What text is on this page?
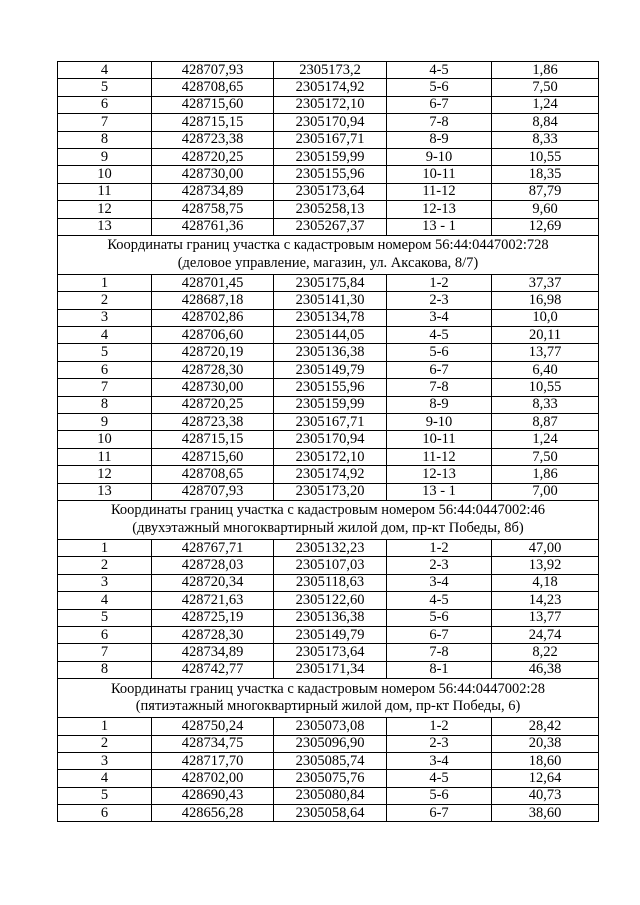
4	428707,93	2305173,2	4-5	1,86
5	428708,65	2305174,92	5-6	7,50
6	428715,60	2305172,10	6-7	1,24
7	428715,15	2305170,94	7-8	8,84
8	428723,38	2305167,71	8-9	8,33
9	428720,25	2305159,99	9-10	10,55
10	428730,00	2305155,96	10-11	18,35
11	428734,89	2305173,64	11-12	87,79
12	428758,75	2305258,13	12-13	9,60
13	428761,36	2305267,37	13 - 1	12,69

Координаты границ участка с кадастровым номером 56:44:0447002:728
(деловое управление, магазин, ул. Аксакова, 8/7)				

1	428701,45	2305175,84	1-2	37,37
2	428687,18	2305141,30	2-3	16,98
3	428702,86	2305134,78	3-4	10,0
4	428706,60	2305144,05	4-5	20,11
5	428720,19	2305136,38	5-6	13,77
6	428728,30	2305149,79	6-7	6,40
7	428730,00	2305155,96	7-8	10,55
8	428720,25	2305159,99	8-9	8,33
9	428723,38	2305167,71	9-10	8,87
10	428715,15	2305170,94	10-11	1,24
11	428715,60	2305172,10	11-12	7,50
12	428708,65	2305174,92	12-13	1,86
13	428707,93	2305173,20	13 - 1	7,00

Координаты границ участка с кадастровым номером 56:44:0447002:46
(двухэтажный многоквартирный жилой дом, пр-кт Победы, 8б)				

1	428767,71	2305132,23	1-2	47,00
2	428728,03	2305107,03	2-3	13,92
3	428720,34	2305118,63	3-4	4,18
4	428721,63	2305122,60	4-5	14,23
5	428725,19	2305136,38	5-6	13,77
6	428728,30	2305149,79	6-7	24,74
7	428734,89	2305173,64	7-8	8,22
8	428742,77	2305171,34	8-1	46,38

Координаты границ участка с кадастровым номером 56:44:0447002:28
(пятиэтажный многоквартирный жилой дом, пр-кт Победы, 6)				

1	428750,24	2305073,08	1-2	28,42
2	428734,75	2305096,90	2-3	20,38
3	428717,70	2305085,74	3-4	18,60
4	428702,00	2305075,76	4-5	12,64
5	428690,43	2305080,84	5-6	40,73
6	428656,28	2305058,64	6-7	38,60
